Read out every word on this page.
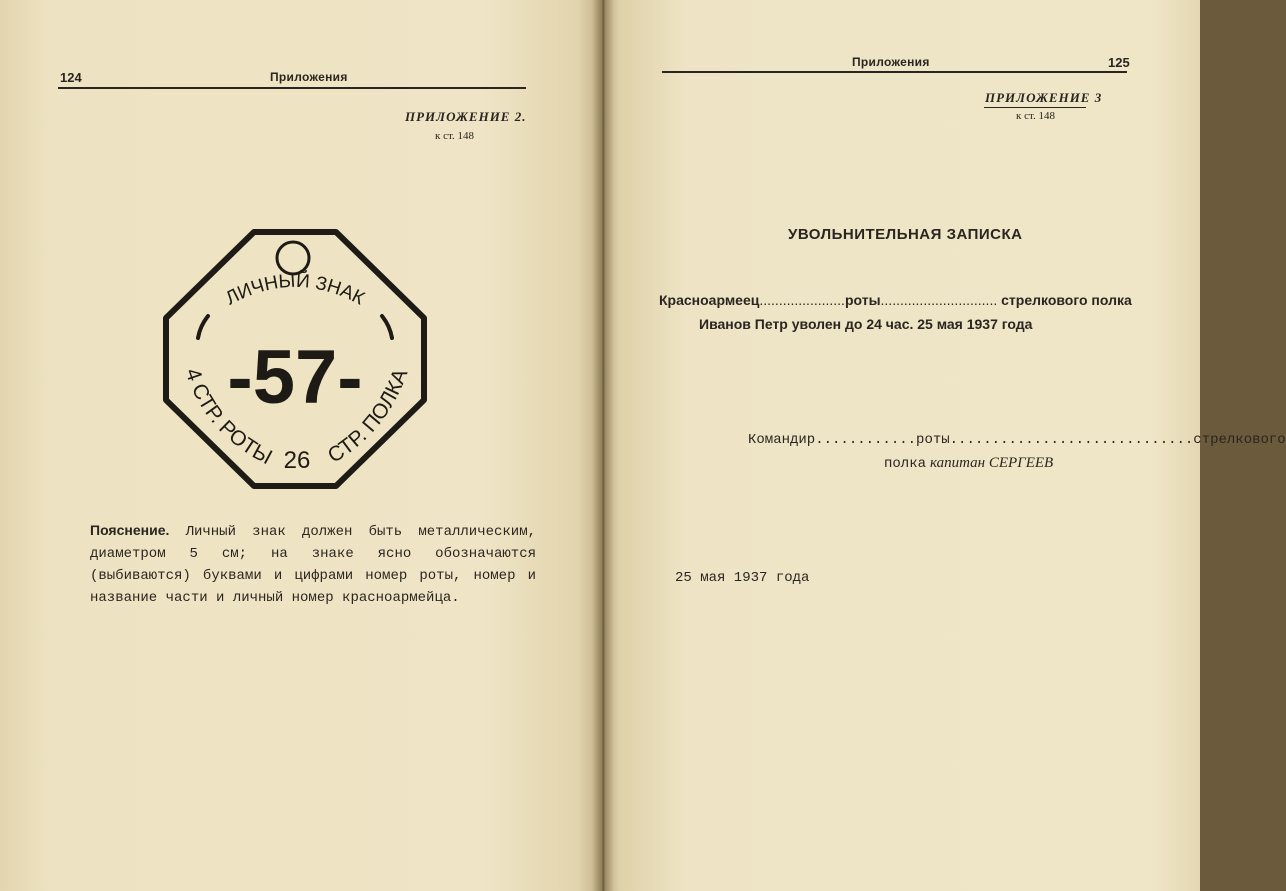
124	Приложения
ПРИЛОЖЕНИЕ 2.
к ст. 148
ЛИЧНЫЙ ЗНАК
-57-
4 СТР. РОТЫ 26 СТР. ПОЛКА
Пояснение. Личный знак должен быть металлическим, диаметром 5 см; на знаке ясно обозначаются (выбиваются) буквами и цифрами номер роты, номер и название части и личный номер красноармейца.
Приложения	125
ПРИЛОЖЕНИЕ 3
к ст. 148
УВОЛЬНИТЕЛЬНАЯ ЗАПИСКА
Красноармеец......................роты.............................. стрелкового полка
Иванов Петр уволен до 24 час. 25 мая 1937 года
Командир............роты.............................стрелкового
полка капитан СЕРГЕЕВ
25 мая 1937 года
